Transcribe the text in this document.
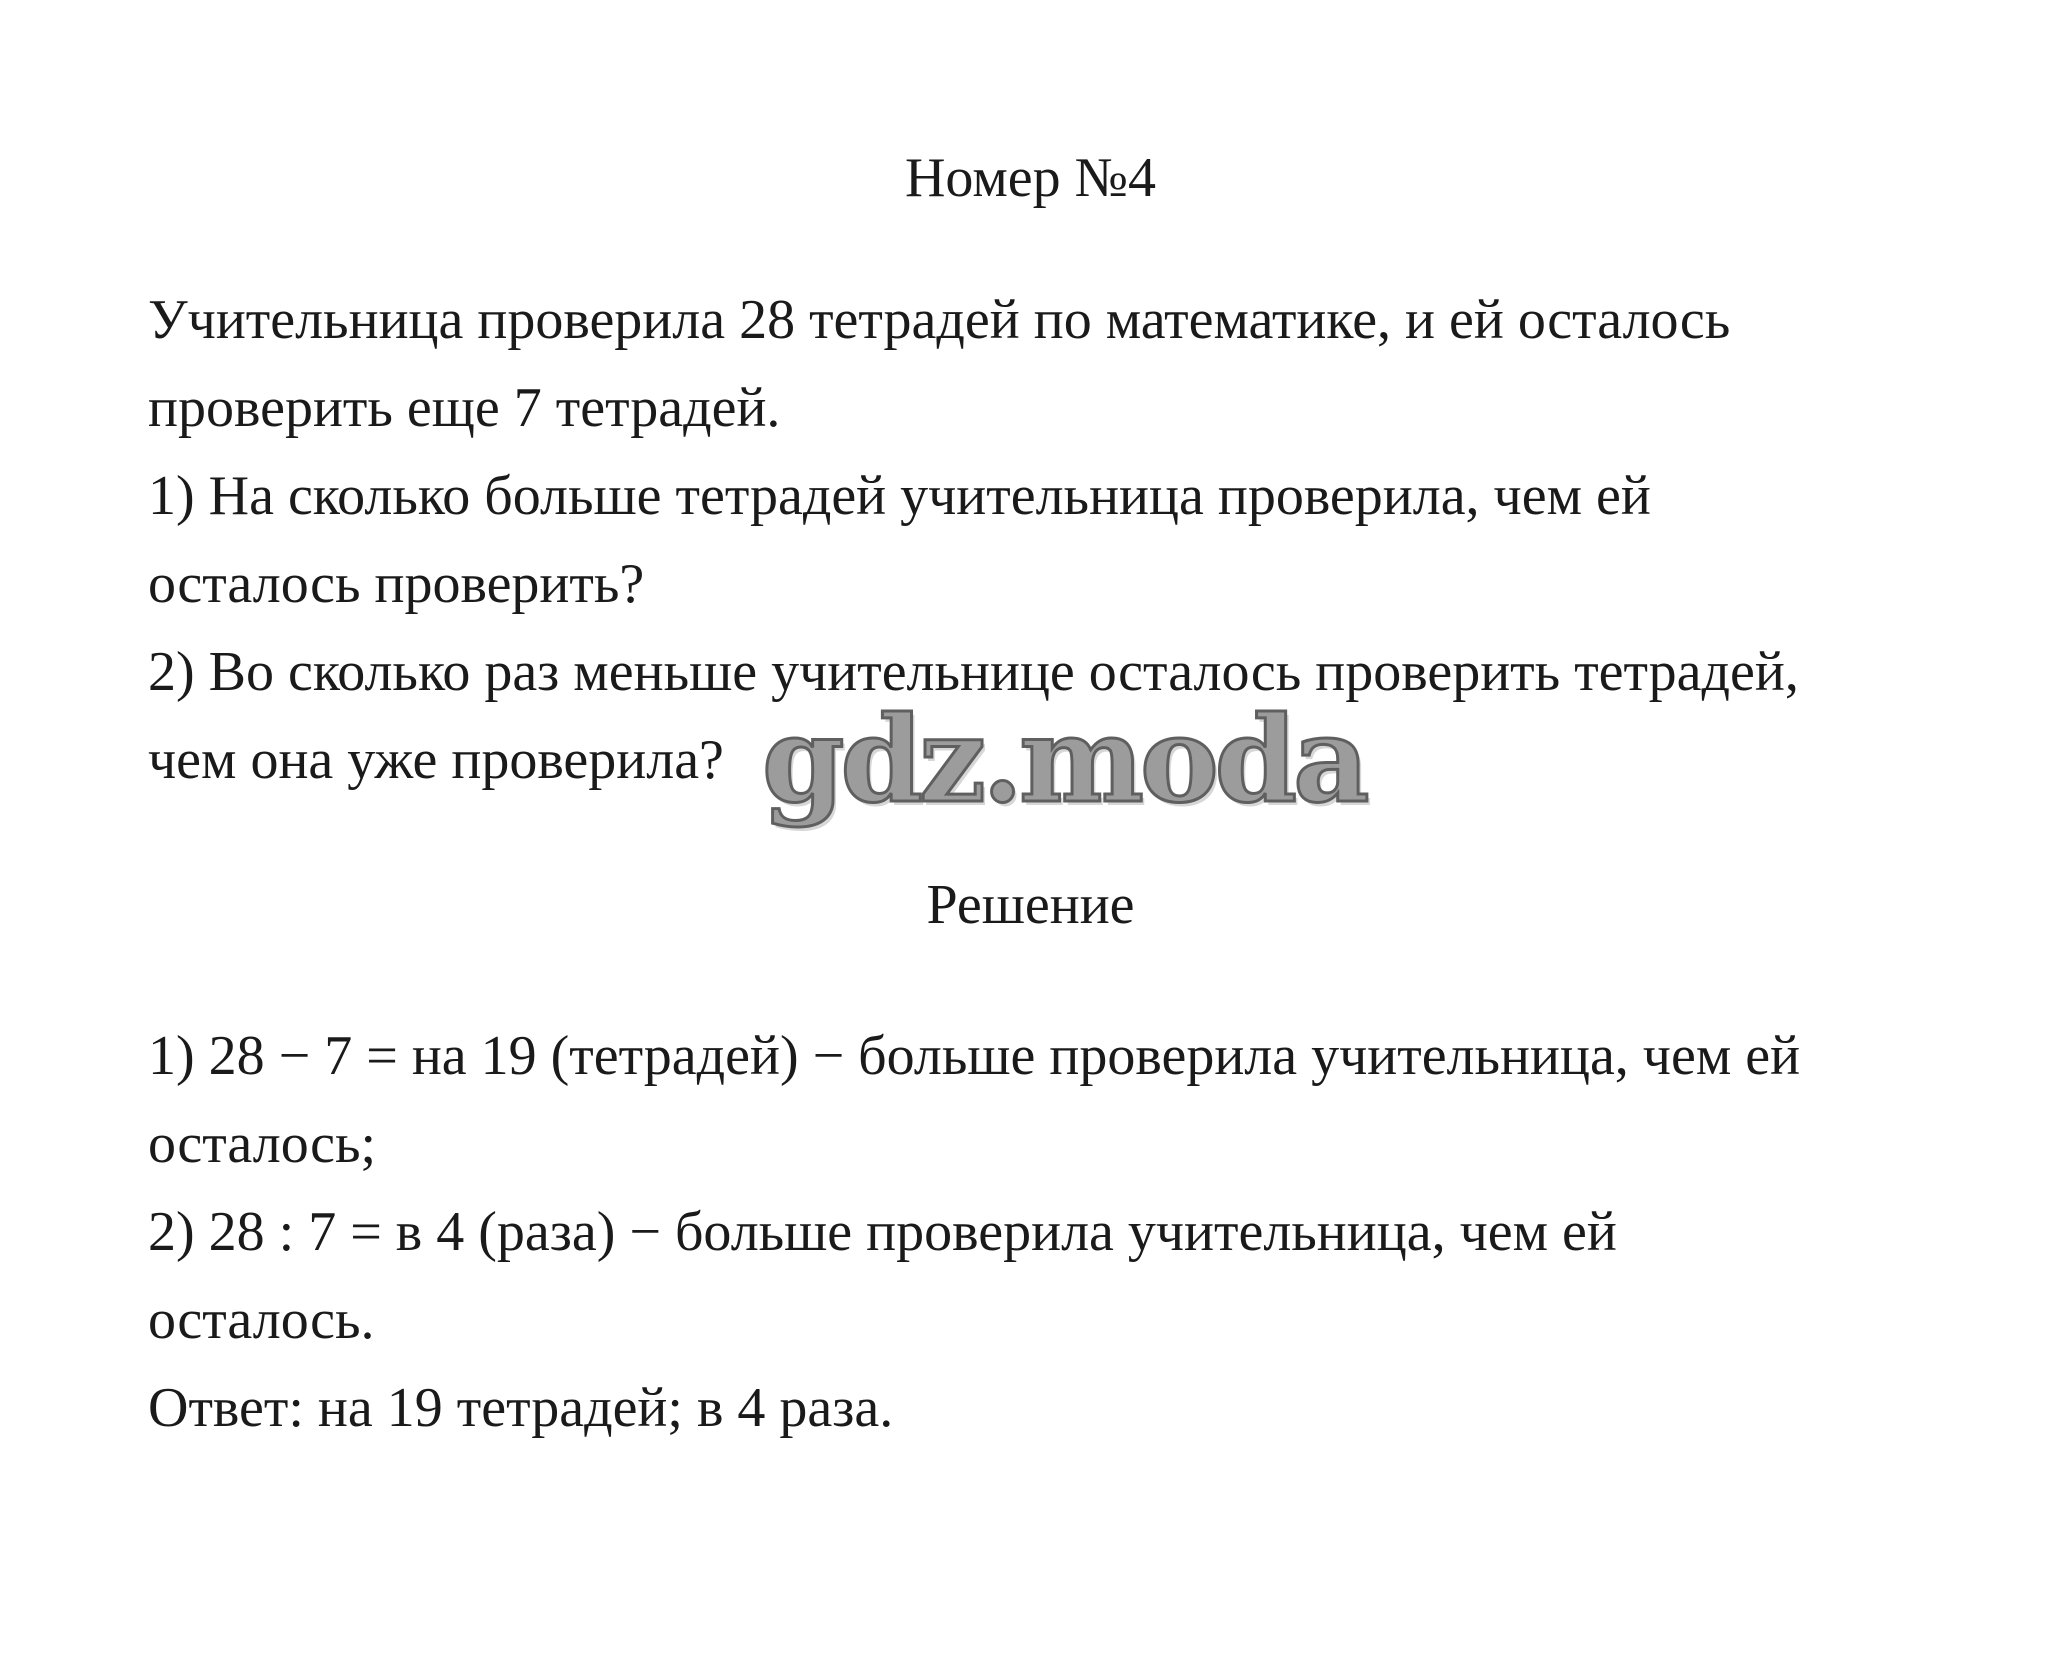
Номер №4
Учительница проверила 28 тетрадей по математике, и ей осталось
проверить еще 7 тетрадей.
1) На сколько больше тетрадей учительница проверила, чем ей
осталось проверить?
2) Во сколько раз меньше учительнице осталось проверить тетрадей,
чем она уже проверила? gdz.moda
Решение
1) 28 − 7 = на 19 (тетрадей) − больше проверила учительница, чем ей
осталось;
2) 28 : 7 = в 4 (раза) − больше проверила учительница, чем ей
осталось.
Ответ: на 19 тетрадей; в 4 раза.
